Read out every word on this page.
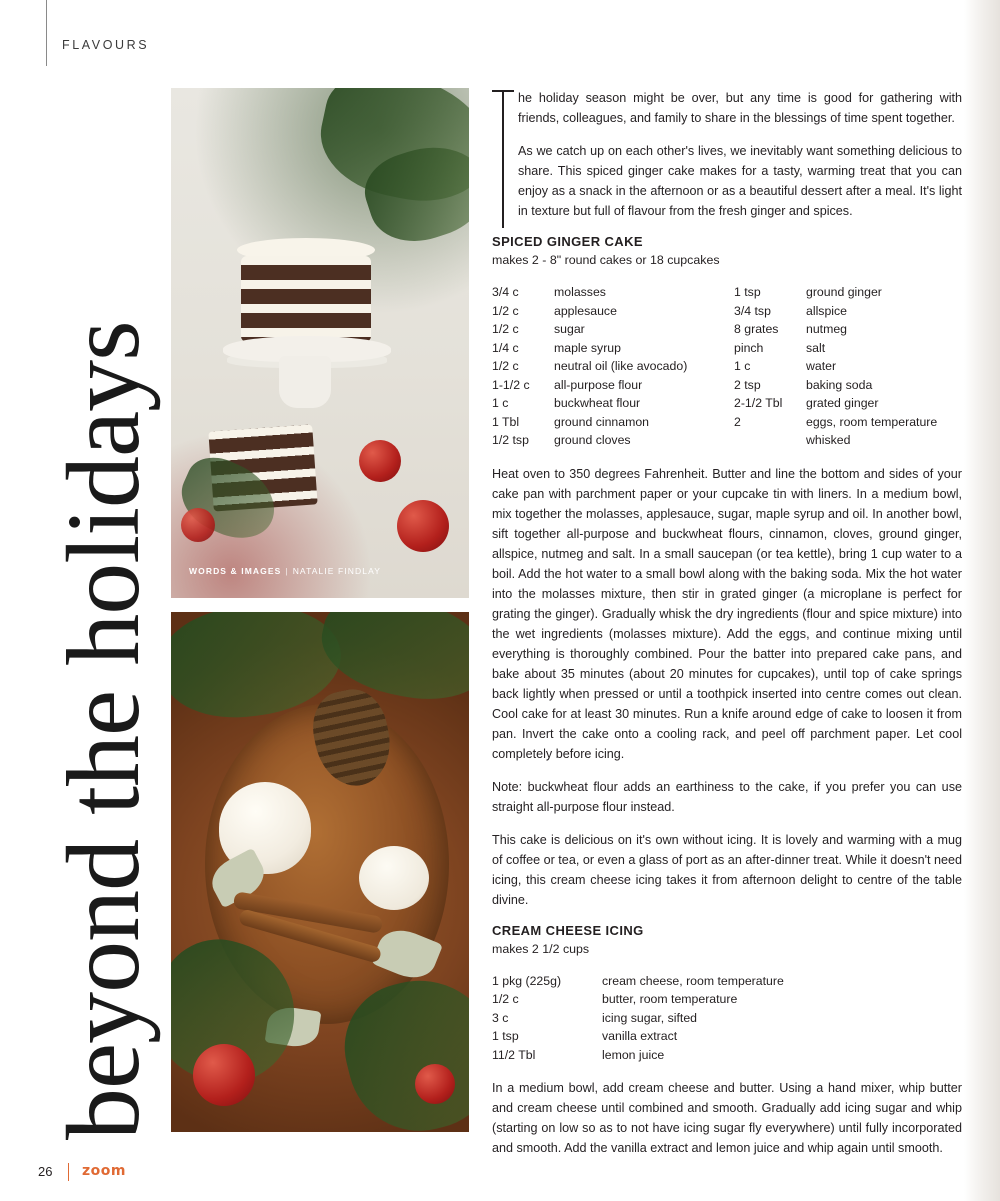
FLAVOURS
beyond the holidays	WORDS & IMAGES | NATALIE FINDLAY

he holiday season might be over, but any time is good for gathering with friends, colleagues, and family to share in the blessings of time spent together.

As we catch up on each other's lives, we inevitably want something delicious to share. This spiced ginger cake makes for a tasty, warming treat that you can enjoy as a snack in the afternoon or as a beautiful dessert after a meal. It's light in texture but full of flavour from the fresh ginger and spices.

SPICED GINGER CAKE
makes 2 - 8" round cakes or 18 cupcakes
3/4 c	molasses	1 tsp	ground ginger
1/2 c	applesauce	3/4 tsp	allspice
1/2 c	sugar	8 grates	nutmeg
1/4 c	maple syrup	pinch	salt
1/2 c	neutral oil (like avocado)	1 c	water
1-1/2 c	all-purpose flour	2 tsp	baking soda
1 c	buckwheat flour	2-1/2 Tbl	grated ginger
1 Tbl	ground cinnamon	2	eggs, room temperature
1/2 tsp	ground cloves		whisked

Heat oven to 350 degrees Fahrenheit. Butter and line the bottom and sides of your cake pan with parchment paper or your cupcake tin with liners. In a medium bowl, mix together the molasses, applesauce, sugar, maple syrup and oil. In another bowl, sift together all-purpose and buckwheat flours, cinnamon, cloves, ground ginger, allspice, nutmeg and salt. In a small saucepan (or tea kettle), bring 1 cup water to a boil. Add the hot water to a small bowl along with the baking soda. Mix the hot water into the molasses mixture, then stir in grated ginger (a microplane is perfect for grating the ginger). Gradually whisk the dry ingredients (flour and spice mixture) into the wet ingredients (molasses mixture). Add the eggs, and continue mixing until everything is thoroughly combined. Pour the batter into prepared cake pans, and bake about 35 minutes (about 20 minutes for cupcakes), until top of cake springs back lightly when pressed or until a toothpick inserted into centre comes out clean. Cool cake for at least 30 minutes. Run a knife around edge of cake to loosen it from pan. Invert the cake onto a cooling rack, and peel off parchment paper. Let cool completely before icing.

Note: buckwheat flour adds an earthiness to the cake, if you prefer you can use straight all-purpose flour instead.

This cake is delicious on it's own without icing. It is lovely and warming with a mug of coffee or tea, or even a glass of port as an after-dinner treat. While it doesn't need icing, this cream cheese icing takes it from afternoon delight to centre of the table divine.

CREAM CHEESE ICING
makes 2 1/2 cups
1 pkg (225g)	cream cheese, room temperature
1/2 c	butter, room temperature
3 c	icing sugar, sifted
1 tsp	vanilla extract
11/2 Tbl	lemon juice

In a medium bowl, add cream cheese and butter. Using a hand mixer, whip butter and cream cheese until combined and smooth. Gradually add icing sugar and whip (starting on low so as to not have icing sugar fly everywhere) until fully incorporated and smooth. Add the vanilla extract and lemon juice and whip again until smooth.

26 zoom
